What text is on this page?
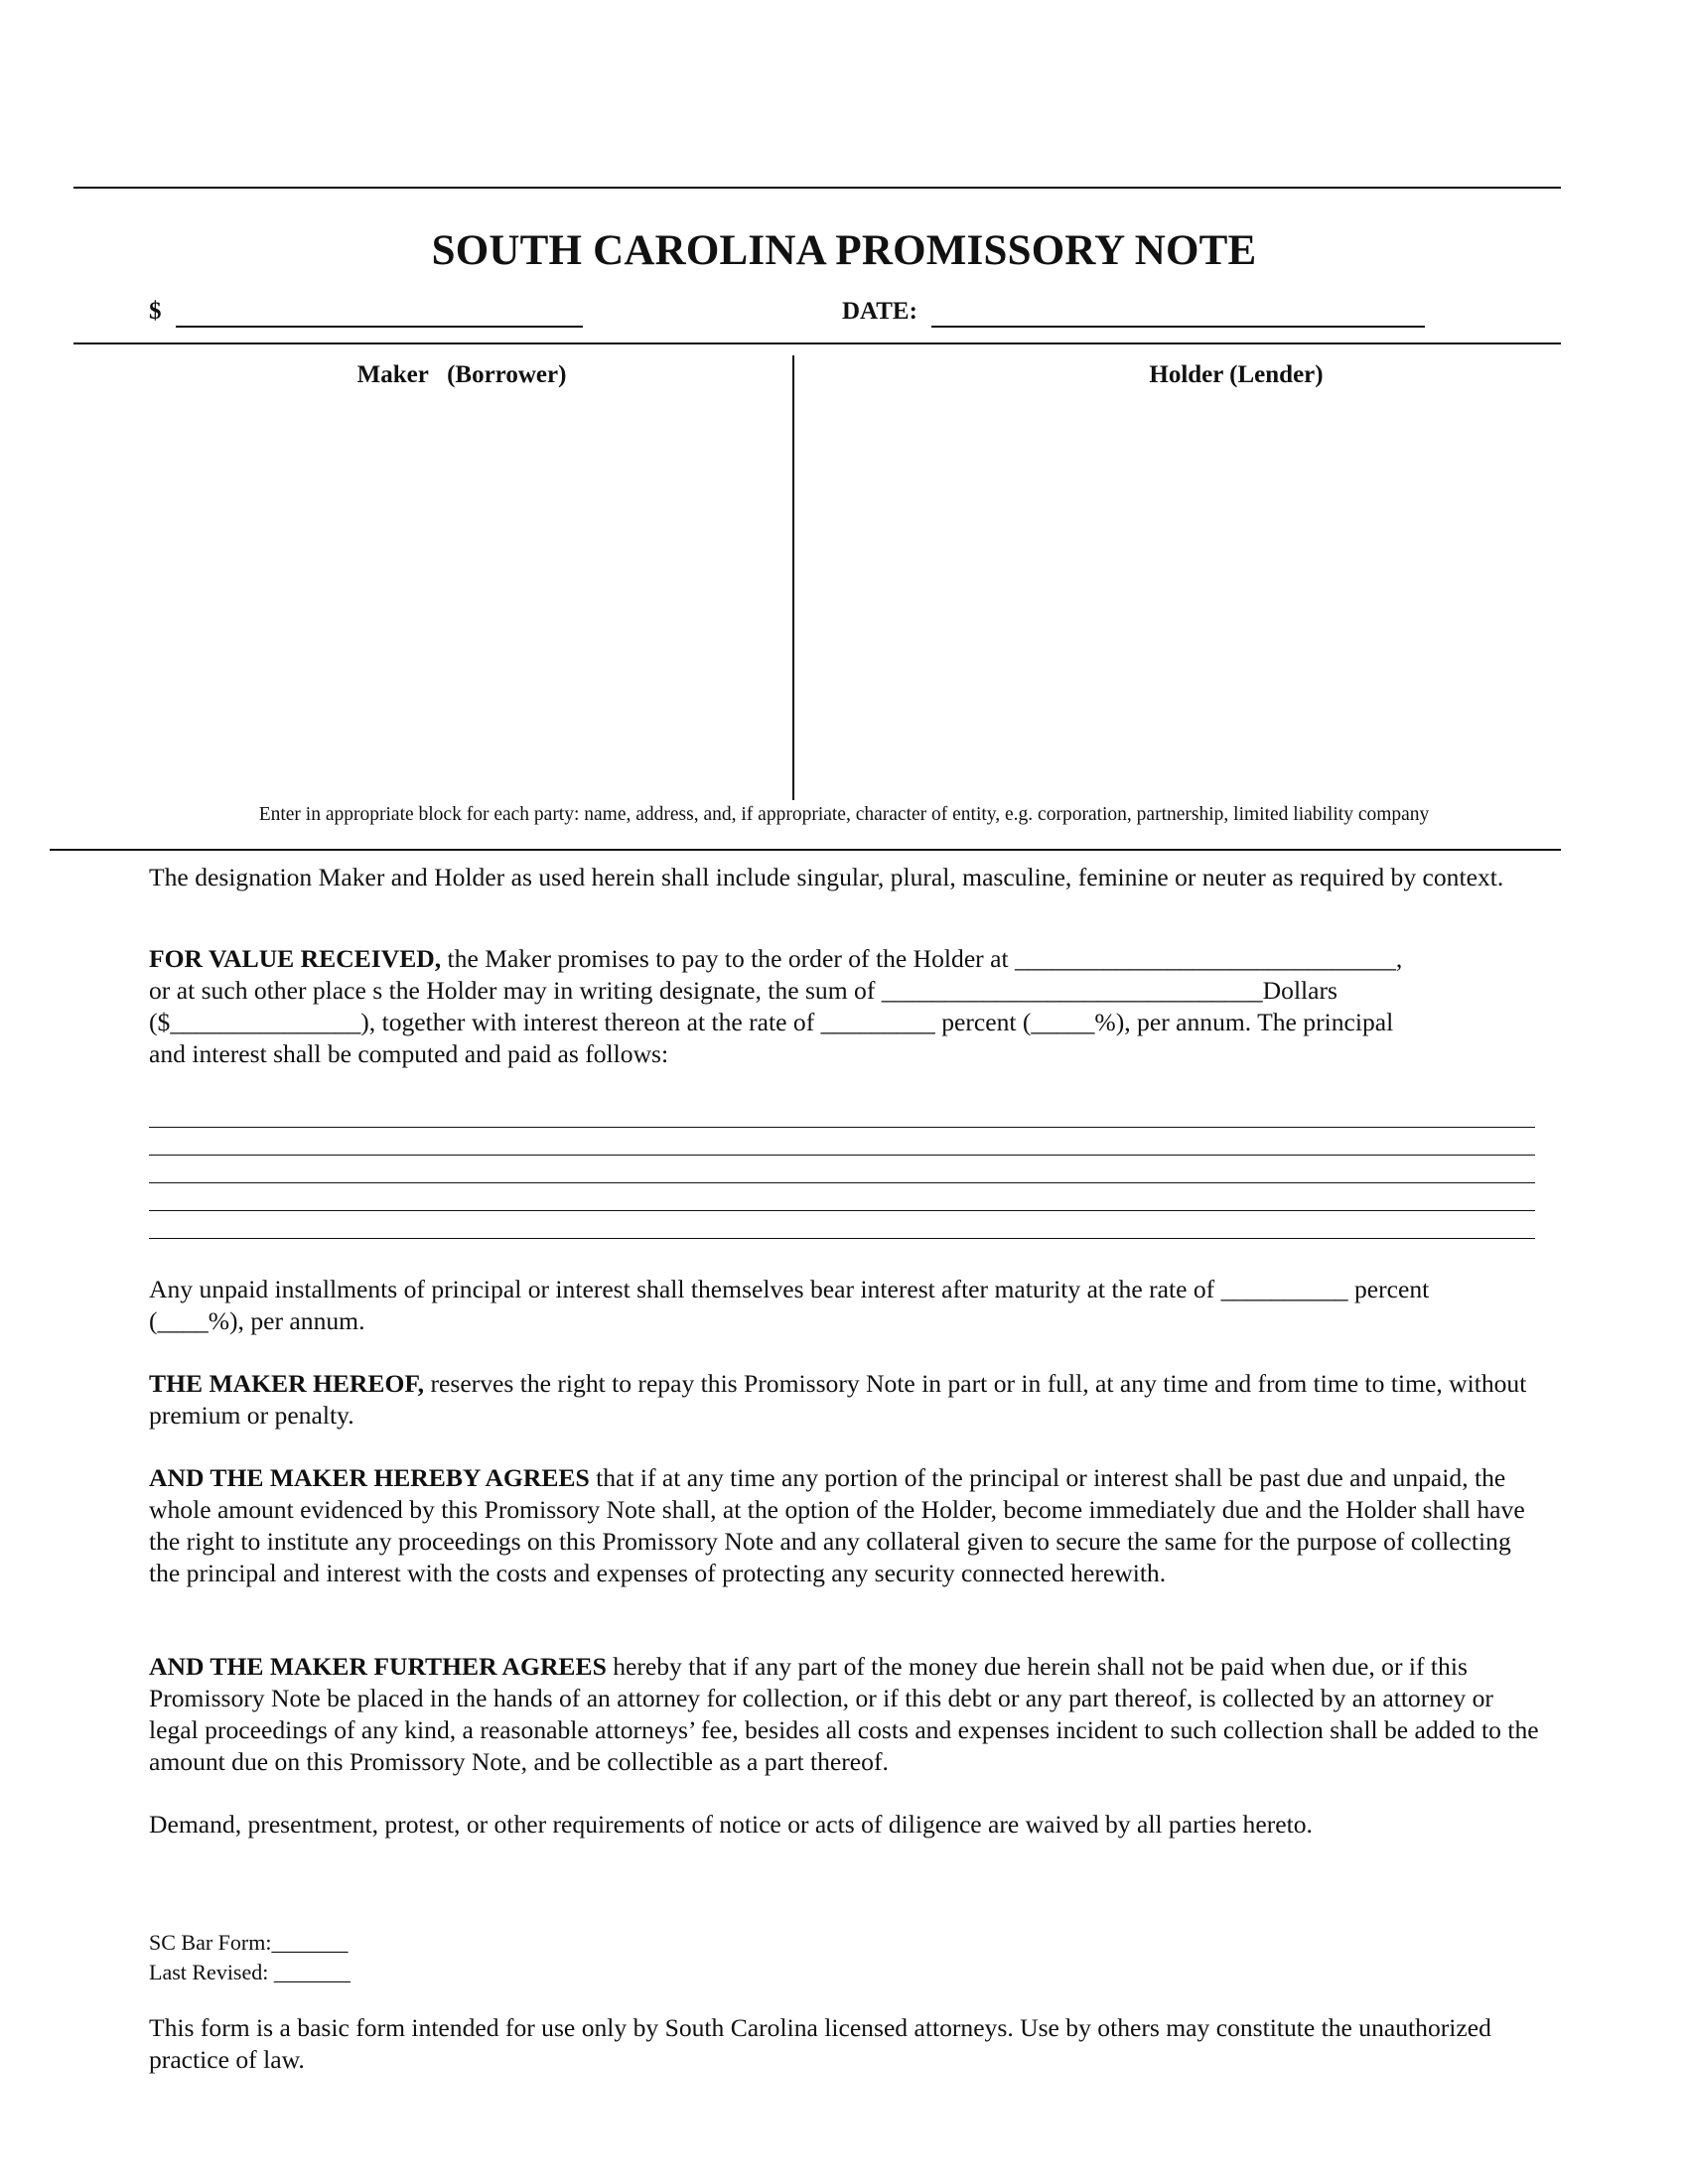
SOUTH CAROLINA PROMISSORY NOTE
$	DATE:
Maker   (Borrower)	Holder (Lender)
Enter in appropriate block for each party: name, address, and, if appropriate, character of entity, e.g. corporation, partnership, limited liability company
The designation Maker and Holder as used herein shall include singular, plural, masculine, feminine or neuter as required by context.
FOR VALUE RECEIVED, the Maker promises to pay to the order of the Holder at ______________________________,
or at such other place s the Holder may in writing designate, the sum of ______________________________Dollars
($_______________), together with interest thereon at the rate of _________ percent (_____%), per annum. The principal
and interest shall be computed and paid as follows:
Any unpaid installments of principal or interest shall themselves bear interest after maturity at the rate of __________ percent
(____%), per annum.
THE MAKER HEREOF, reserves the right to repay this Promissory Note in part or in full, at any time and from time to time, without premium or penalty.
AND THE MAKER HEREBY AGREES that if at any time any portion of the principal or interest shall be past due and unpaid, the whole amount evidenced by this Promissory Note shall, at the option of the Holder, become immediately due and the Holder shall have the right to institute any proceedings on this Promissory Note and any collateral given to secure the same for the purpose of collecting the principal and interest with the costs and expenses of protecting any security connected herewith.
AND THE MAKER FURTHER AGREES hereby that if any part of the money due herein shall not be paid when due, or if this Promissory Note be placed in the hands of an attorney for collection, or if this debt or any part thereof, is collected by an attorney or legal proceedings of any kind, a reasonable attorneys’ fee, besides all costs and expenses incident to such collection shall be added to the amount due on this Promissory Note, and be collectible as a part thereof.
Demand, presentment, protest, or other requirements of notice or acts of diligence are waived by all parties hereto.
SC Bar Form:_______
Last Revised: _______
This form is a basic form intended for use only by South Carolina licensed attorneys. Use by others may constitute the unauthorized practice of law.
